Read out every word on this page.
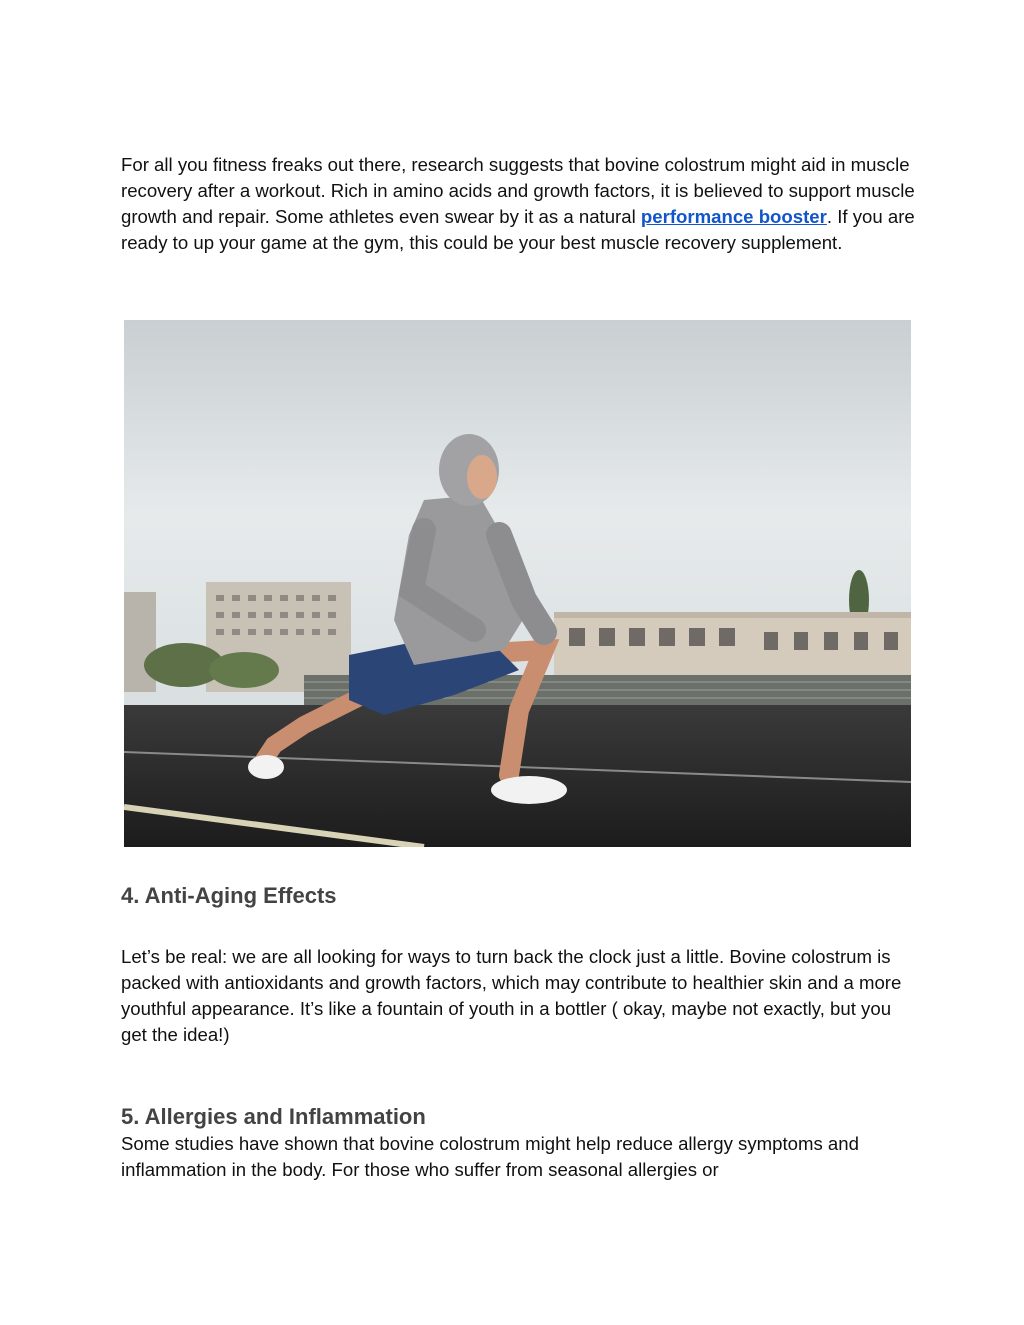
For all you fitness freaks out there, research suggests that bovine colostrum might aid in muscle recovery after a workout. Rich in amino acids and growth factors, it is believed to support muscle growth and repair. Some athletes even swear by it as a natural performance booster. If you are ready to up your game at the gym, this could be your best muscle recovery supplement.

4. Anti-Aging Effects

Let’s be real: we are all looking for ways to turn back the clock just a little. Bovine colostrum is packed with antioxidants and growth factors, which may contribute to healthier skin and a more youthful appearance. It’s like a fountain of youth in a bottler ( okay, maybe not exactly, but you get the idea!)

5. Allergies and Inflammation

Some studies have shown that bovine colostrum might help reduce allergy symptoms and inflammation in the body. For those who suffer from seasonal allergies or
